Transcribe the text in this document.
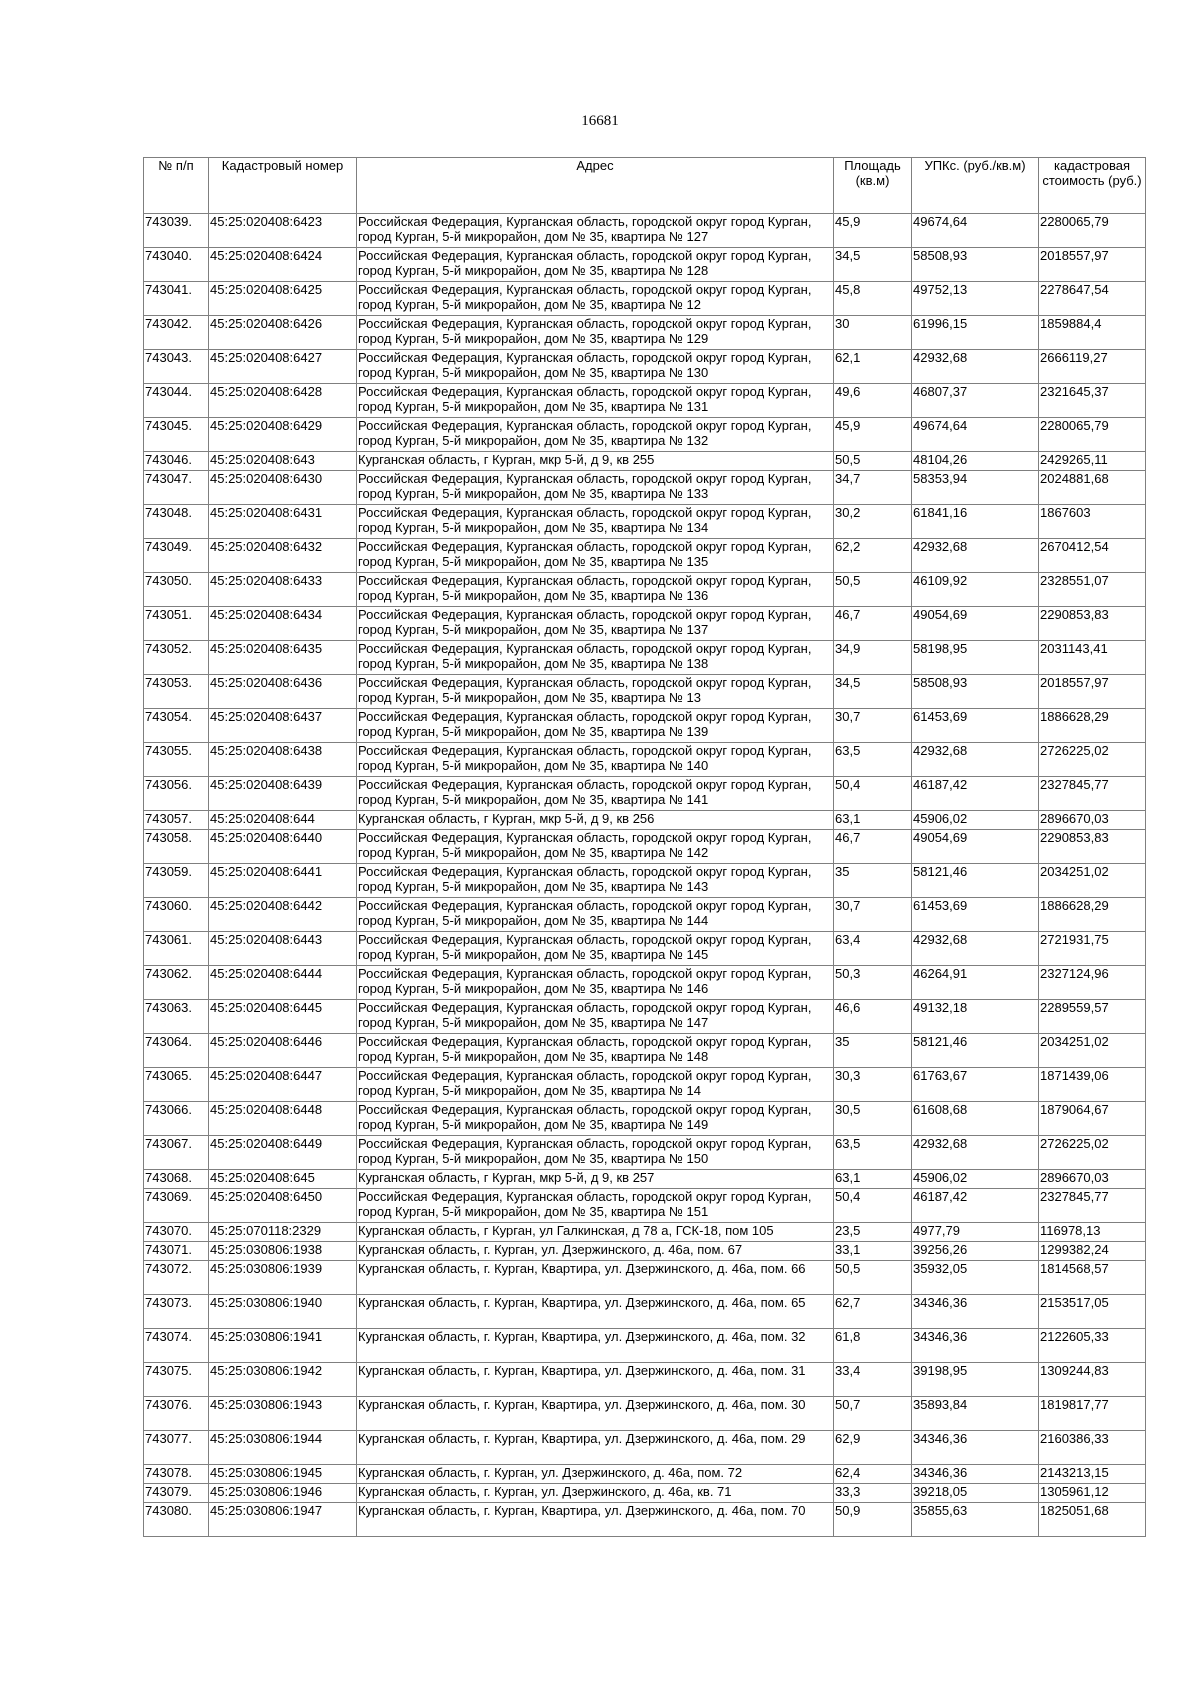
16681
№ п/п	Кадастровый номер	Адрес	Площадь (кв.м)	УПКс. (руб./кв.м)	кадастровая стоимость (руб.)
743039.	45:25:020408:6423	Российская Федерация, Курганская область, городской округ город Курган, город Курган, 5-й микрорайон, дом № 35, квартира № 127	45,9	49674,64	2280065,79
743040.	45:25:020408:6424	Российская Федерация, Курганская область, городской округ город Курган, город Курган, 5-й микрорайон, дом № 35, квартира № 128	34,5	58508,93	2018557,97
743041.	45:25:020408:6425	Российская Федерация, Курганская область, городской округ город Курган, город Курган, 5-й микрорайон, дом № 35, квартира № 12	45,8	49752,13	2278647,54
743042.	45:25:020408:6426	Российская Федерация, Курганская область, городской округ город Курган, город Курган, 5-й микрорайон, дом № 35, квартира № 129	30	61996,15	1859884,4
743043.	45:25:020408:6427	Российская Федерация, Курганская область, городской округ город Курган, город Курган, 5-й микрорайон, дом № 35, квартира № 130	62,1	42932,68	2666119,27
743044.	45:25:020408:6428	Российская Федерация, Курганская область, городской округ город Курган, город Курган, 5-й микрорайон, дом № 35, квартира № 131	49,6	46807,37	2321645,37
743045.	45:25:020408:6429	Российская Федерация, Курганская область, городской округ город Курган, город Курган, 5-й микрорайон, дом № 35, квартира № 132	45,9	49674,64	2280065,79
743046.	45:25:020408:643	Курганская область, г Курган, мкр 5-й, д 9, кв 255	50,5	48104,26	2429265,11
743047.	45:25:020408:6430	Российская Федерация, Курганская область, городской округ город Курган, город Курган, 5-й микрорайон, дом № 35, квартира № 133	34,7	58353,94	2024881,68
743048.	45:25:020408:6431	Российская Федерация, Курганская область, городской округ город Курган, город Курган, 5-й микрорайон, дом № 35, квартира № 134	30,2	61841,16	1867603
743049.	45:25:020408:6432	Российская Федерация, Курганская область, городской округ город Курган, город Курган, 5-й микрорайон, дом № 35, квартира № 135	62,2	42932,68	2670412,54
743050.	45:25:020408:6433	Российская Федерация, Курганская область, городской округ город Курган, город Курган, 5-й микрорайон, дом № 35, квартира № 136	50,5	46109,92	2328551,07
743051.	45:25:020408:6434	Российская Федерация, Курганская область, городской округ город Курган, город Курган, 5-й микрорайон, дом № 35, квартира № 137	46,7	49054,69	2290853,83
743052.	45:25:020408:6435	Российская Федерация, Курганская область, городской округ город Курган, город Курган, 5-й микрорайон, дом № 35, квартира № 138	34,9	58198,95	2031143,41
743053.	45:25:020408:6436	Российская Федерация, Курганская область, городской округ город Курган, город Курган, 5-й микрорайон, дом № 35, квартира № 13	34,5	58508,93	2018557,97
743054.	45:25:020408:6437	Российская Федерация, Курганская область, городской округ город Курган, город Курган, 5-й микрорайон, дом № 35, квартира № 139	30,7	61453,69	1886628,29
743055.	45:25:020408:6438	Российская Федерация, Курганская область, городской округ город Курган, город Курган, 5-й микрорайон, дом № 35, квартира № 140	63,5	42932,68	2726225,02
743056.	45:25:020408:6439	Российская Федерация, Курганская область, городской округ город Курган, город Курган, 5-й микрорайон, дом № 35, квартира № 141	50,4	46187,42	2327845,77
743057.	45:25:020408:644	Курганская область, г Курган, мкр 5-й, д 9, кв 256	63,1	45906,02	2896670,03
743058.	45:25:020408:6440	Российская Федерация, Курганская область, городской округ город Курган, город Курган, 5-й микрорайон, дом № 35, квартира № 142	46,7	49054,69	2290853,83
743059.	45:25:020408:6441	Российская Федерация, Курганская область, городской округ город Курган, город Курган, 5-й микрорайон, дом № 35, квартира № 143	35	58121,46	2034251,02
743060.	45:25:020408:6442	Российская Федерация, Курганская область, городской округ город Курган, город Курган, 5-й микрорайон, дом № 35, квартира № 144	30,7	61453,69	1886628,29
743061.	45:25:020408:6443	Российская Федерация, Курганская область, городской округ город Курган, город Курган, 5-й микрорайон, дом № 35, квартира № 145	63,4	42932,68	2721931,75
743062.	45:25:020408:6444	Российская Федерация, Курганская область, городской округ город Курган, город Курган, 5-й микрорайон, дом № 35, квартира № 146	50,3	46264,91	2327124,96
743063.	45:25:020408:6445	Российская Федерация, Курганская область, городской округ город Курган, город Курган, 5-й микрорайон, дом № 35, квартира № 147	46,6	49132,18	2289559,57
743064.	45:25:020408:6446	Российская Федерация, Курганская область, городской округ город Курган, город Курган, 5-й микрорайон, дом № 35, квартира № 148	35	58121,46	2034251,02
743065.	45:25:020408:6447	Российская Федерация, Курганская область, городской округ город Курган, город Курган, 5-й микрорайон, дом № 35, квартира № 14	30,3	61763,67	1871439,06
743066.	45:25:020408:6448	Российская Федерация, Курганская область, городской округ город Курган, город Курган, 5-й микрорайон, дом № 35, квартира № 149	30,5	61608,68	1879064,67
743067.	45:25:020408:6449	Российская Федерация, Курганская область, городской округ город Курган, город Курган, 5-й микрорайон, дом № 35, квартира № 150	63,5	42932,68	2726225,02
743068.	45:25:020408:645	Курганская область, г Курган, мкр 5-й, д 9, кв 257	63,1	45906,02	2896670,03
743069.	45:25:020408:6450	Российская Федерация, Курганская область, городской округ город Курган, город Курган, 5-й микрорайон, дом № 35, квартира № 151	50,4	46187,42	2327845,77
743070.	45:25:070118:2329	Курганская область, г Курган, ул Галкинская, д 78 а, ГСК-18, пом 105	23,5	4977,79	116978,13
743071.	45:25:030806:1938	Курганская область, г. Курган, ул. Дзержинского, д. 46а, пом. 67	33,1	39256,26	1299382,24
743072.	45:25:030806:1939	Курганская область, г. Курган, Квартира, ул. Дзержинского, д. 46а, пом. 66	50,5	35932,05	1814568,57
743073.	45:25:030806:1940	Курганская область, г. Курган, Квартира, ул. Дзержинского, д. 46а, пом. 65	62,7	34346,36	2153517,05
743074.	45:25:030806:1941	Курганская область, г. Курган, Квартира, ул. Дзержинского, д. 46а, пом. 32	61,8	34346,36	2122605,33
743075.	45:25:030806:1942	Курганская область, г. Курган, Квартира, ул. Дзержинского, д. 46а, пом. 31	33,4	39198,95	1309244,83
743076.	45:25:030806:1943	Курганская область, г. Курган, Квартира, ул. Дзержинского, д. 46а, пом. 30	50,7	35893,84	1819817,77
743077.	45:25:030806:1944	Курганская область, г. Курган, Квартира, ул. Дзержинского, д. 46а, пом. 29	62,9	34346,36	2160386,33
743078.	45:25:030806:1945	Курганская область, г. Курган, ул. Дзержинского, д. 46а, пом. 72	62,4	34346,36	2143213,15
743079.	45:25:030806:1946	Курганская область, г. Курган, ул. Дзержинского, д. 46а, кв. 71	33,3	39218,05	1305961,12
743080.	45:25:030806:1947	Курганская область, г. Курган, Квартира, ул. Дзержинского, д. 46а, пом. 70	50,9	35855,63	1825051,68
